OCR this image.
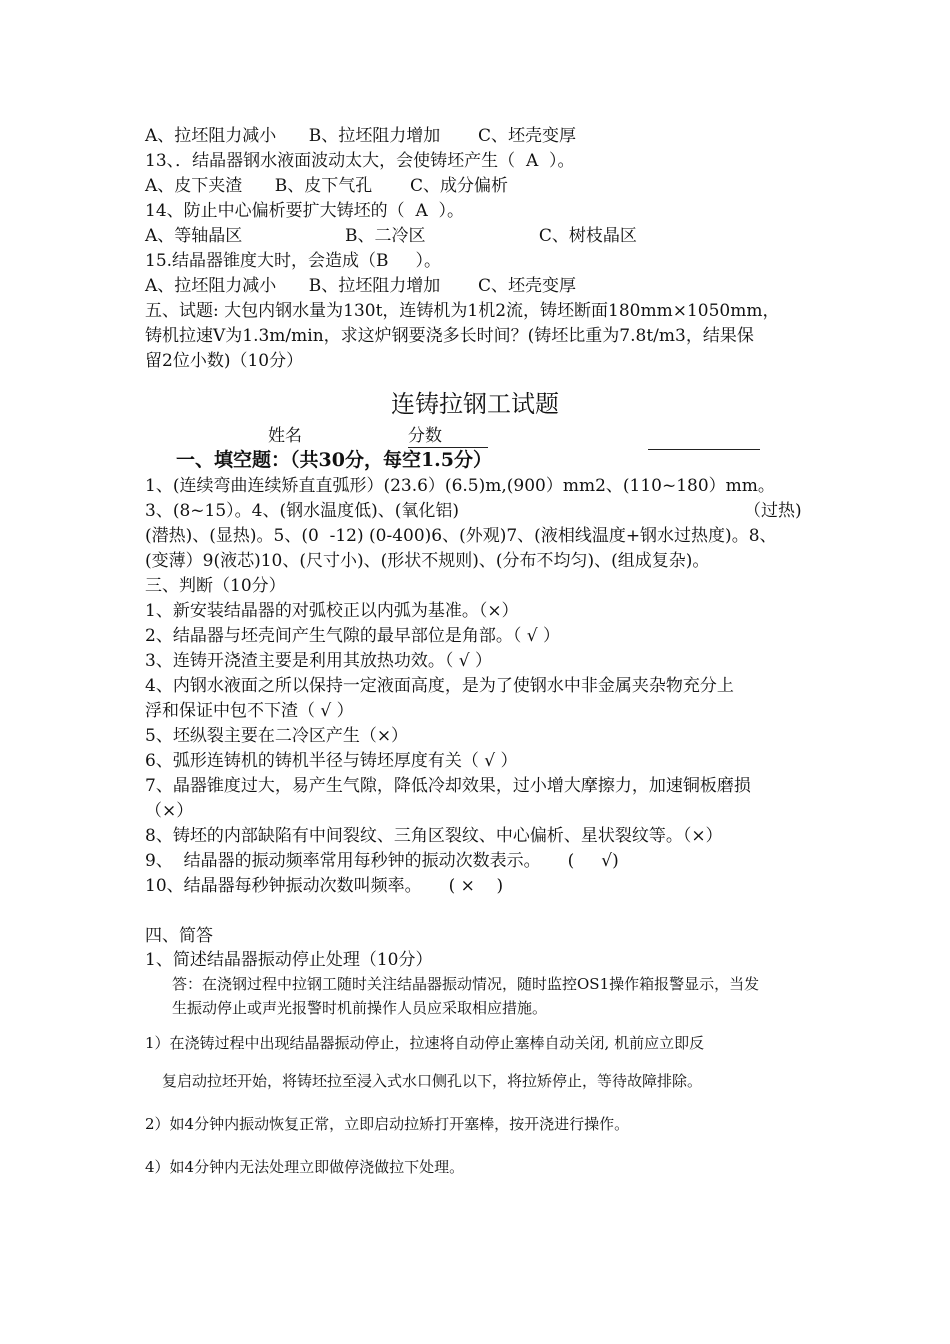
A、拉坯阻力减小      B、拉坯阻力增加       C、坯壳变厚
13、．结晶器钢水液面波动太大，会使铸坯产生（  A  ）。
A、皮下夹渣      B、皮下气孔       C、成分偏析
14、防止中心偏析要扩大铸坯的（  A  ）。
A、等轴晶区                   B、二冷区                     C、树枝晶区
15.结晶器锥度大时，会造成（B     ）。
A、拉坯阻力减小      B、拉坯阻力增加       C、坯壳变厚
五、试题: 大包内钢水量为130t，连铸机为1机2流，铸坯断面180mm×1050mm，
铸机拉速V为1.3m/min，求这炉钢要浇多长时间？(铸坯比重为7.8t/m3，结果保
留2位小数)（10分）
连铸拉钢工试题
姓名	分数
一、填空题：（共30分，每空1.5分）
1、(连续弯曲连续矫直直弧形）(23.6）(6.5)m,(900）mm2、(110~180）mm。
3、(8~15）。4、(钢水温度低)、(氧化铝)	（过热)
(潜热)、(显热)。5、(0  -12) (0-400)6、(外观)7、(液相线温度+钢水过热度)。8、
(变薄）9(液芯)10、(尺寸小)、(形状不规则)、(分布不均匀)、(组成复杂)。
三、判断（10分）
1、新安装结晶器的对弧校正以内弧为基准。（×）
2、结晶器与坯壳间产生气隙的最早部位是角部。（ √ ）
3、连铸开浇渣主要是利用其放热功效。（ √ ）
4、内钢水液面之所以保持一定液面高度，是为了使钢水中非金属夹杂物充分上
浮和保证中包不下渣（ √ ）
5、坯纵裂主要在二冷区产生（×）
6、弧形连铸机的铸机半径与铸坯厚度有关（ √ ）
7、晶器锥度过大，易产生气隙，降低冷却效果，过小增大摩擦力，加速铜板磨损
（×）
8、铸坯的内部缺陷有中间裂纹、三角区裂纹、中心偏析、星状裂纹等。（×）
9、  结晶器的振动频率常用每秒钟的振动次数表示。     (     √)
10、结晶器每秒钟振动次数叫频率。     ( ×    )
四、简答
1、简述结晶器振动停止处理（10分）
答：在浇钢过程中拉钢工随时关注结晶器振动情况，随时监控OS1操作箱报警显示，当发
生振动停止或声光报警时机前操作人员应采取相应措施。
1）在浇铸过程中出现结晶器振动停止，拉速将自动停止塞棒自动关闭, 机前应立即反
复启动拉坯开始，将铸坯拉至浸入式水口侧孔以下，将拉矫停止，等待故障排除。
2）如4分钟内振动恢复正常，立即启动拉矫打开塞棒，按开浇进行操作。
4）如4分钟内无法处理立即做停浇做拉下处理。
